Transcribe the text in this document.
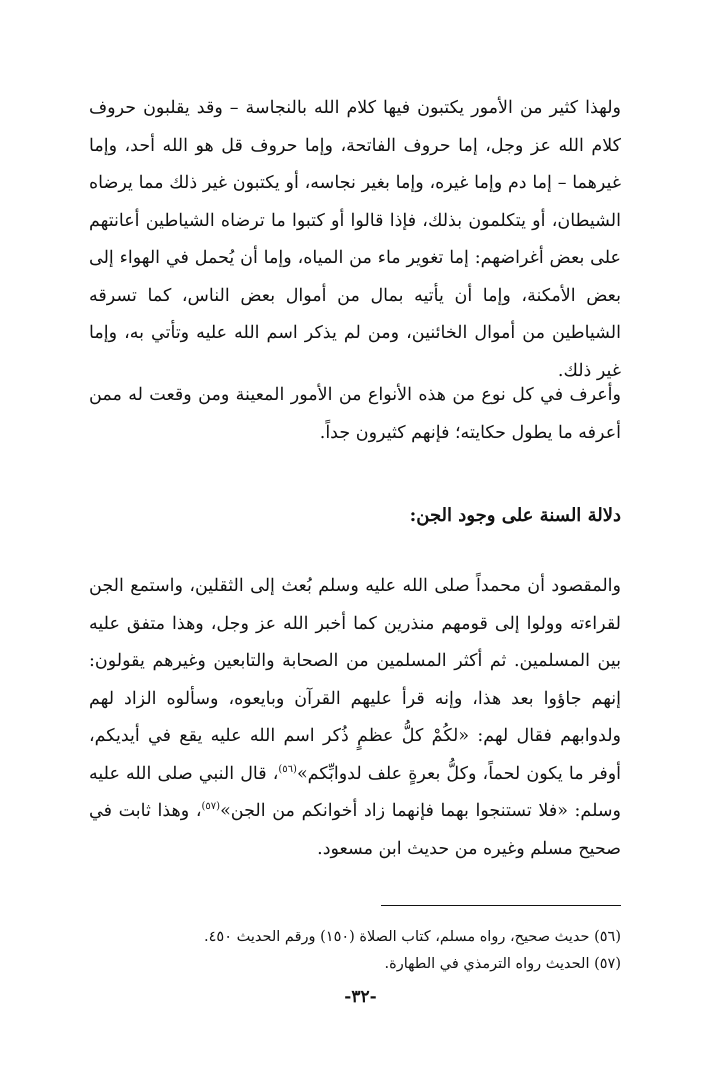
ولهذا كثير من الأمور يكتبون فيها كلام الله بالنجاسة – وقد يقلبون حروف كلام الله عز وجل، إما حروف الفاتحة، وإما حروف قل هو الله أحد، وإما غيرهما – إما دم وإما غيره، وإما بغير نجاسه، أو يكتبون غير ذلك مما يرضاه الشيطان، أو يتكلمون بذلك، فإذا قالوا أو كتبوا ما ترضاه الشياطين أعانتهم على بعض أغراضهم: إما تغوير ماء من المياه، وإما أن يُحمل في الهواء إلى بعض الأمكنة، وإما أن يأتيه بمال من أموال بعض الناس، كما تسرقه الشياطين من أموال الخائنين، ومن لم يذكر اسم الله عليه وتأتي به، وإما غير ذلك.

وأعرف في كل نوع من هذه الأنواع من الأمور المعينة ومن وقعت له ممن أعرفه ما يطول حكايته؛ فإنهم كثيرون جداً.

دلالة السنة على وجود الجن:

والمقصود أن محمداً صلى الله عليه وسلم بُعث إلى الثقلين، واستمع الجن لقراءته وولوا إلى قومهم منذرين كما أخبر الله عز وجل، وهذا متفق عليه بين المسلمين. ثم أكثر المسلمين من الصحابة والتابعين وغيرهم يقولون: إنهم جاؤوا بعد هذا، وإنه قرأ عليهم القرآن وبايعوه، وسألوه الزاد لهم ولدوابهم فقال لهم: «لكُمْ كلُّ عظمٍ ذُكر اسم الله عليه يقع في أيديكم، أوفر ما يكون لحماً، وكلُّ بعرةٍ علف لدوابِّكم»$^{(٥٦)}$، قال النبي صلى الله عليه وسلم: «فلا تستنجوا بهما فإنهما زاد أخوانكم من الجن»$^{(٥٧)}$، وهذا ثابت في صحيح مسلم وغيره من حديث ابن مسعود.

(٥٦) حديث صحيح، رواه مسلم، كتاب الصلاة (١٥٠) ورقم الحديث ٤٥٠.
(٥٧) الحديث رواه الترمذي في الطهارة.
-٣٢-
